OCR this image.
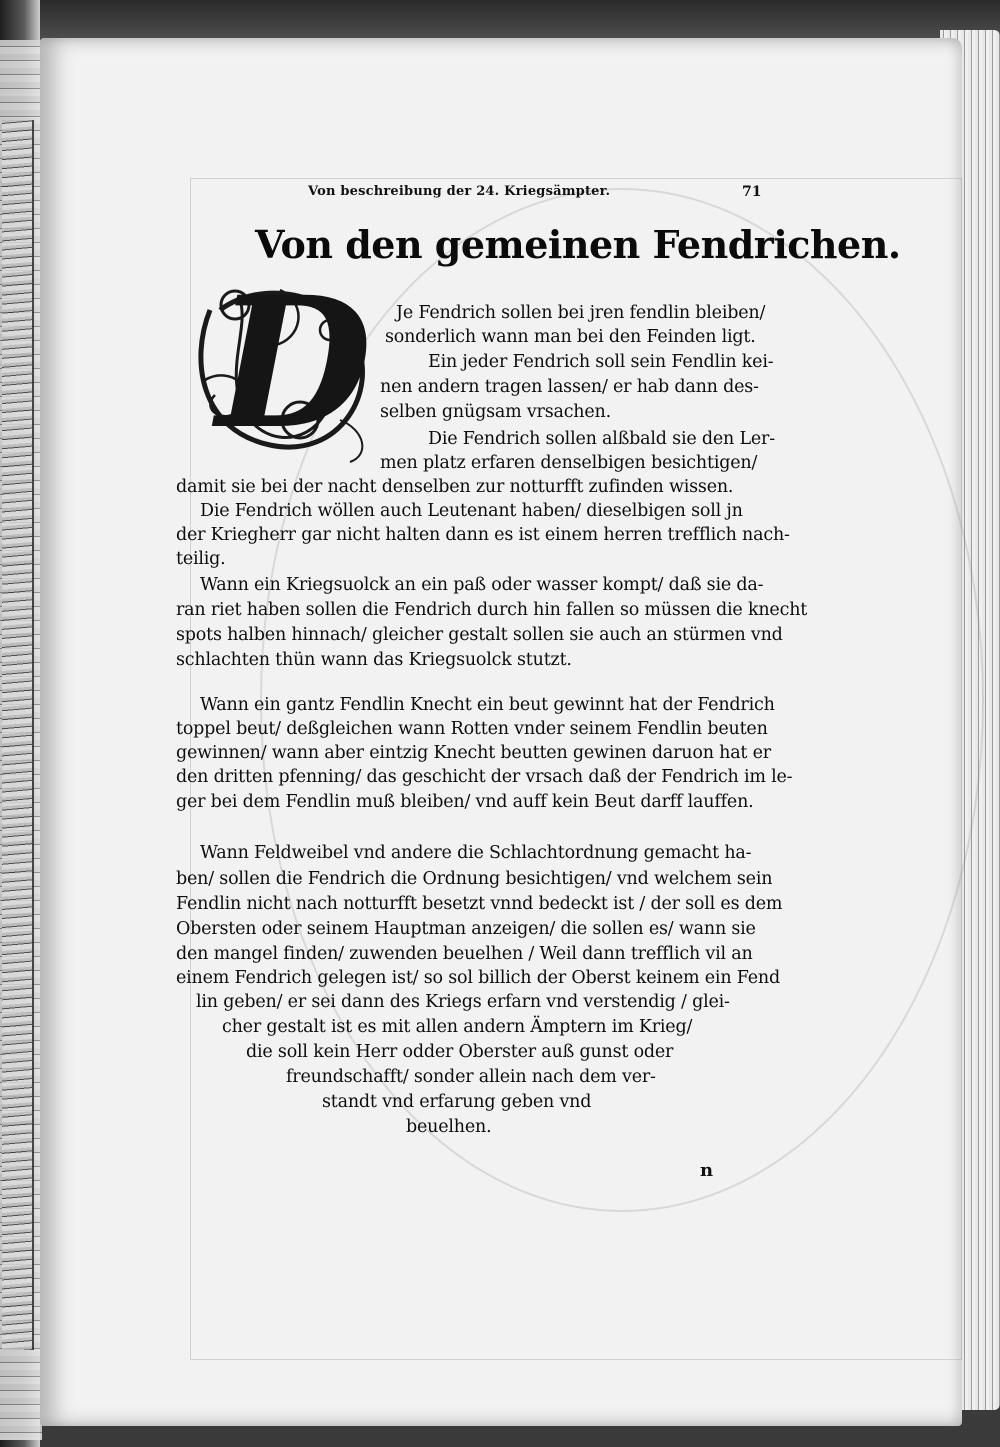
Von beschreibung der 24. Kriegsämpter.	71
Von den gemeinen Fendrichen.
D Je Fendrich sollen bei jren fendlin bleiben/
sonderlich wann man bei den Feinden ligt.
Ein jeder Fendrich soll sein Fendlin kei-
nen andern tragen lassen/ er hab dann des-
selben gnügsam vrsachen.
Die Fendrich sollen alßbald sie den Ler-
men platz erfaren denselbigen besichtigen/
damit sie bei der nacht denselben zur notturfft zufinden wissen.
Die Fendrich wöllen auch Leutenant haben/ dieselbigen soll jn
der Kriegherr gar nicht halten dann es ist einem herren trefflich nach-
teilig.
Wann ein Kriegsuolck an ein paß oder wasser kompt/ daß sie da-
ran riet haben sollen die Fendrich durch hin fallen so müssen die knecht
spots halben hinnach/ gleicher gestalt sollen sie auch an stürmen vnd
schlachten thün wann das Kriegsuolck stutzt.
Wann ein gantz Fendlin Knecht ein beut gewinnt hat der Fendrich
toppel beut/ deßgleichen wann Rotten vnder seinem Fendlin beuten
gewinnen/ wann aber eintzig Knecht beutten gewinen daruon hat er
den dritten pfenning/ das geschicht der vrsach daß der Fendrich im le-
ger bei dem Fendlin muß bleiben/ vnd auff kein Beut darff lauffen.
Wann Feldweibel vnd andere die Schlachtordnung gemacht ha-
ben/ sollen die Fendrich die Ordnung besichtigen/ vnd welchem sein
Fendlin nicht nach notturfft besetzt vnnd bedeckt ist / der soll es dem
Obersten oder seinem Hauptman anzeigen/ die sollen es/ wann sie
den mangel finden/ zuwenden beuelhen / Weil dann trefflich vil an
einem Fendrich gelegen ist/ so sol billich der Oberst keinem ein Fend
lin geben/ er sei dann des Kriegs erfarn vnd verstendig / glei-
cher gestalt ist es mit allen andern Ämptern im Krieg/
die soll kein Herr odder Oberster auß gunst oder
freundschafft/ sonder allein nach dem ver-
standt vnd erfarung geben vnd
beuelhen.
n
